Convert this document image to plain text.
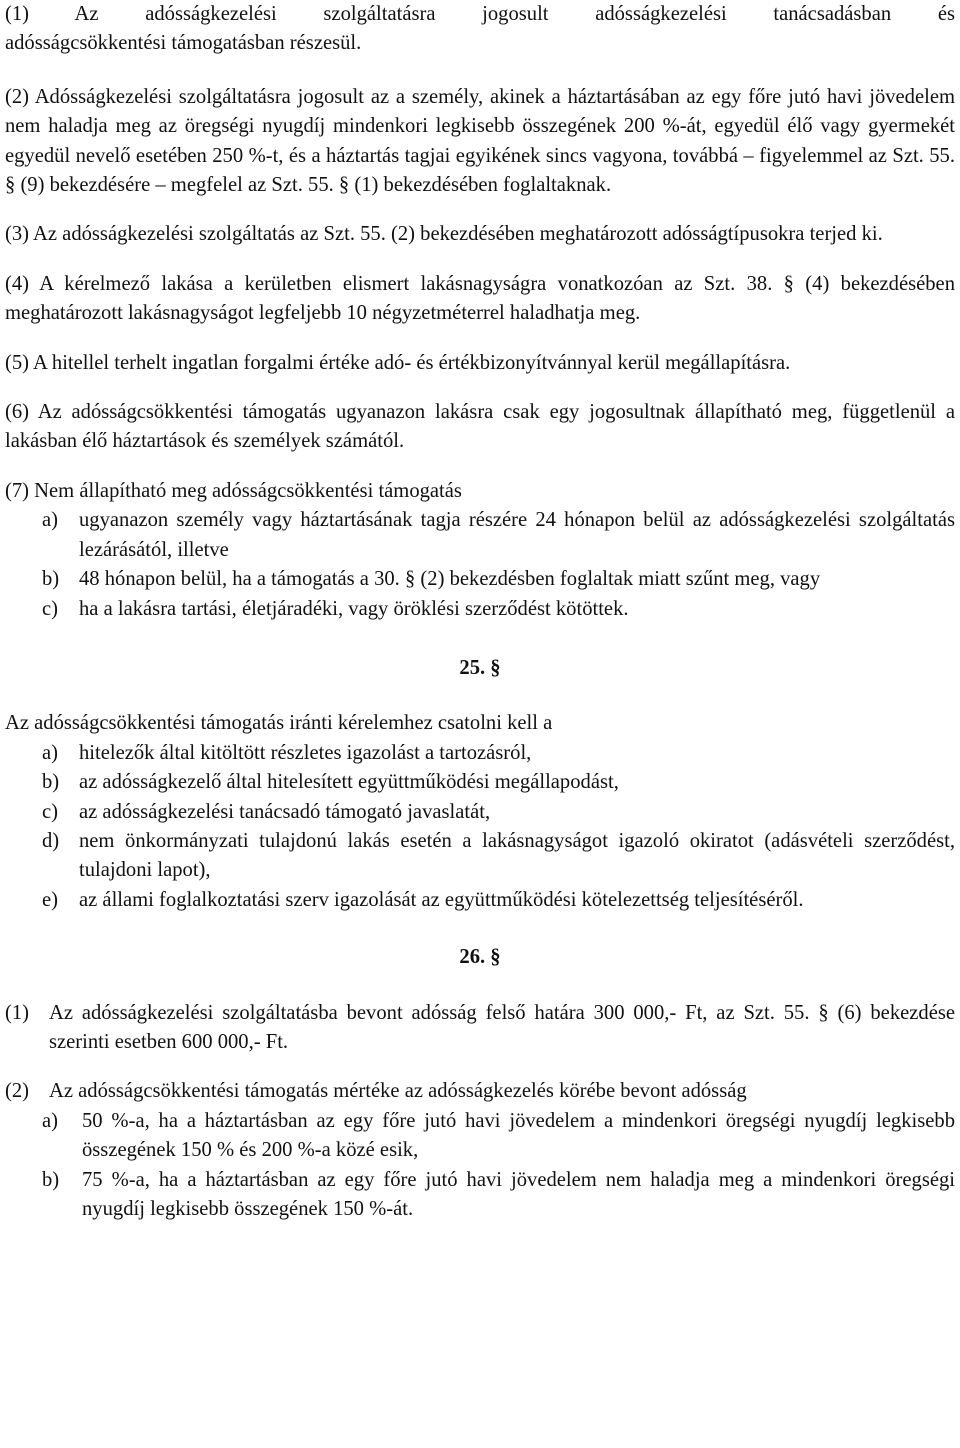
(1) Az adósságkezelési szolgáltatásra jogosult adósságkezelési tanácsadásban és

adósságcsökkentési támogatásban részesül.

(2) Adósságkezelési szolgáltatásra jogosult az a személy, akinek a háztartásában az egy főre jutó havi jövedelem nem haladja meg az öregségi nyugdíj mindenkori legkisebb összegének 200 %-át, egyedül élő vagy gyermekét egyedül nevelő esetében 250 %-t, és a háztartás tagjai egyikének sincs vagyona, továbbá – figyelemmel az Szt. 55. § (9) bekezdésére – megfelel az Szt. 55. § (1) bekezdésében foglaltaknak.

(3) Az adósságkezelési szolgáltatás az Szt. 55. (2) bekezdésében meghatározott adósságtípusokra terjed ki.

(4) A kérelmező lakása a kerületben elismert lakásnagyságra vonatkozóan az Szt. 38. § (4) bekezdésében meghatározott lakásnagyságot legfeljebb 10 négyzetméterrel haladhatja meg.

(5) A hitellel terhelt ingatlan forgalmi értéke adó- és értékbizonyítvánnyal kerül megállapításra.

(6) Az adósságcsökkentési támogatás ugyanazon lakásra csak egy jogosultnak állapítható meg, függetlenül a lakásban élő háztartások és személyek számától.

(7) Nem állapítható meg adósságcsökkentési támogatás

a)	ugyanazon személy vagy háztartásának tagja részére 24 hónapon belül az adósságkezelési szolgáltatás lezárásától, illetve

b) 48 hónapon belül, ha a támogatás a 30. § (2) bekezdésben foglaltak miatt szűnt meg, vagy

c)	ha a lakásra tartási, életjáradéki, vagy öröklési szerződést kötöttek.

25. §

Az adósságcsökkentési támogatás iránti kérelemhez csatolni kell a

a)	hitelezők által kitöltött részletes igazolást a tartozásról,

b) az adósságkezelő által hitelesített együttműködési megállapodást,

c)	az adósságkezelési tanácsadó támogató javaslatát,

d) nem önkormányzati tulajdonú lakás esetén a lakásnagyságot igazoló okiratot (adásvételi szerződést, tulajdoni lapot),

e)	az állami foglalkoztatási szerv igazolását az együttműködési kötelezettség teljesítéséről.

26. §

(1) Az adósságkezelési szolgáltatásba bevont adósság felső határa 300 000,- Ft, az Szt. 55. § (6) bekezdése szerinti esetben 600 000,- Ft.

(2) Az adósságcsökkentési támogatás mértéke az adósságkezelés körébe bevont adósság

a)	50 %-a, ha a háztartásban az egy főre jutó havi jövedelem a mindenkori öregségi nyugdíj legkisebb összegének 150 % és 200 %-a közé esik,

b)	75 %-a, ha a háztartásban az egy főre jutó havi jövedelem nem haladja meg a mindenkori öregségi nyugdíj legkisebb összegének 150 %-át.
